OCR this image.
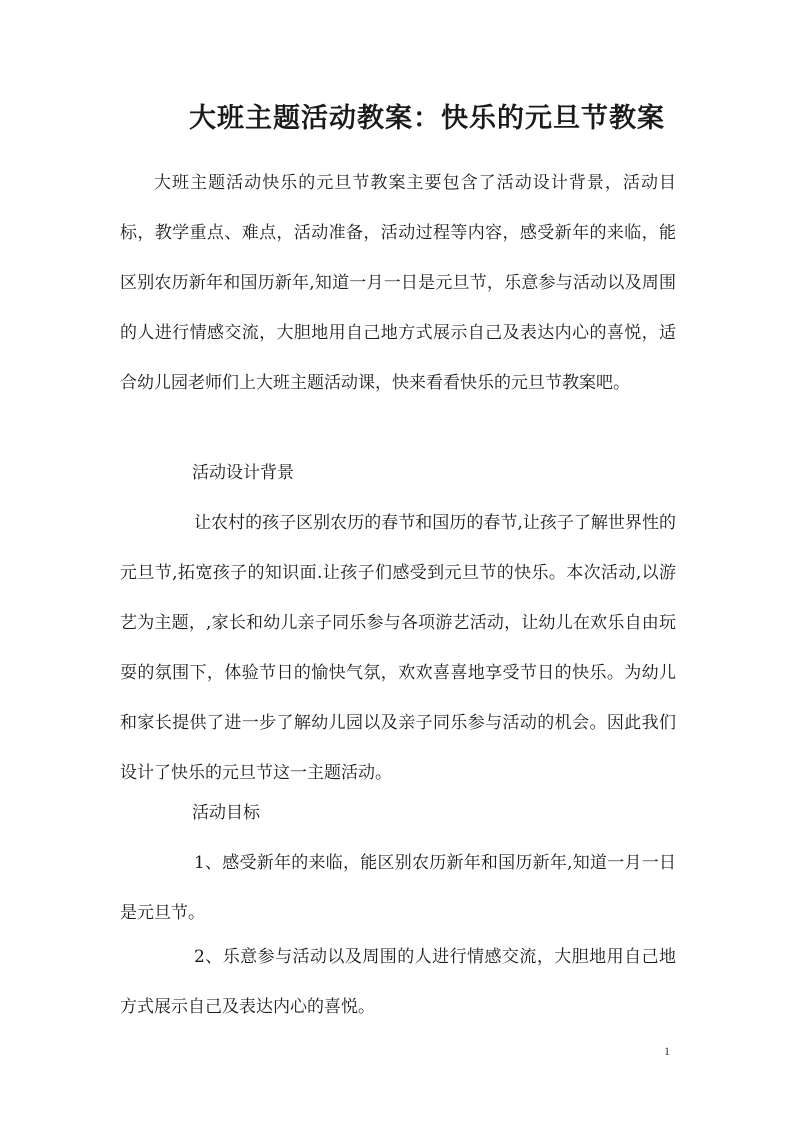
大班主题活动教案：快乐的元旦节教案

大班主题活动快乐的元旦节教案主要包含了活动设计背景，活动目标，教学重点、难点，活动准备，活动过程等内容，感受新年的来临，能区别农历新年和国历新年,知道一月一日是元旦节，乐意参与活动以及周围的人进行情感交流，大胆地用自己地方式展示自己及表达内心的喜悦，适合幼儿园老师们上大班主题活动课，快来看看快乐的元旦节教案吧。

活动设计背景

让农村的孩子区别农历的春节和国历的春节,让孩子了解世界性的元旦节,拓宽孩子的知识面.让孩子们感受到元旦节的快乐。本次活动,以游艺为主题，,家长和幼儿亲子同乐参与各项游艺活动，让幼儿在欢乐自由玩耍的氛围下，体验节日的愉快气氛，欢欢喜喜地享受节日的快乐。为幼儿和家长提供了进一步了解幼儿园以及亲子同乐参与活动的机会。因此我们设计了快乐的元旦节这一主题活动。

活动目标

1、感受新年的来临，能区别农历新年和国历新年,知道一月一日是元旦节。

2、乐意参与活动以及周围的人进行情感交流，大胆地用自己地方式展示自己及表达内心的喜悦。

1
